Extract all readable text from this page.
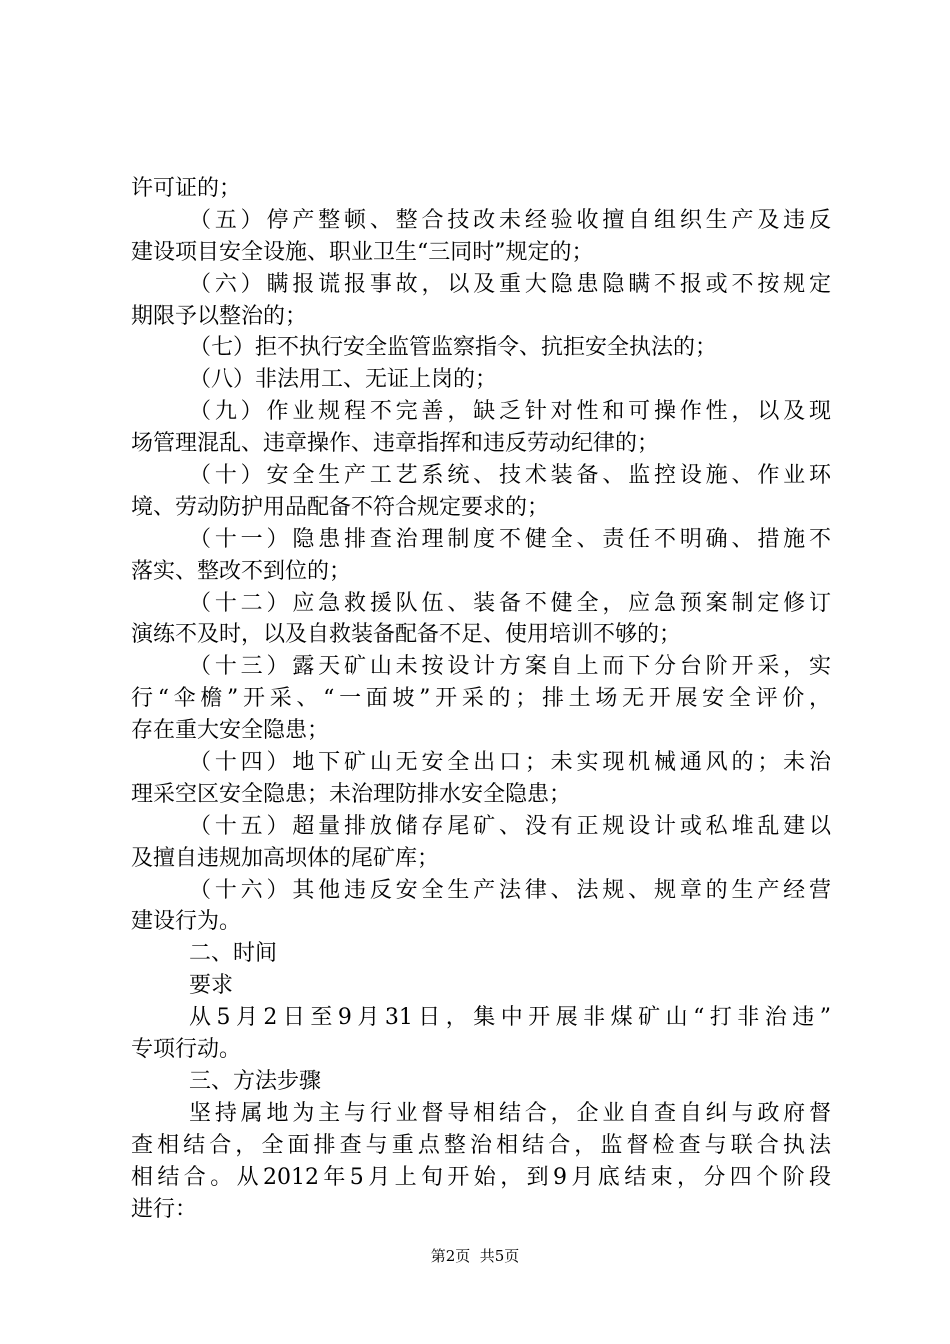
许可证的；
（五）停产整顿、整合技改未经验收擅自组织生产及违反
建设项目安全设施、职业卫生“三同时”规定的；
（六）瞒报谎报事故，以及重大隐患隐瞒不报或不按规定
期限予以整治的；
（七）拒不执行安全监管监察指令、抗拒安全执法的；
（八）非法用工、无证上岗的；
（九）作业规程不完善，缺乏针对性和可操作性，以及现
场管理混乱、违章操作、违章指挥和违反劳动纪律的；
（十）安全生产工艺系统、技术装备、监控设施、作业环
境、劳动防护用品配备不符合规定要求的；
（十一）隐患排查治理制度不健全、责任不明确、措施不
落实、整改不到位的；
（十二）应急救援队伍、装备不健全，应急预案制定修订
演练不及时，以及自救装备配备不足、使用培训不够的；
（十三）露天矿山未按设计方案自上而下分台阶开采，实
行“伞檐”开采、“一面坡”开采的；排土场无开展安全评价，
存在重大安全隐患；
（十四）地下矿山无安全出口；未实现机械通风的；未治
理采空区安全隐患；未治理防排水安全隐患；
（十五）超量排放储存尾矿、没有正规设计或私堆乱建以
及擅自违规加高坝体的尾矿库；
（十六）其他违反安全生产法律、法规、规章的生产经营
建设行为。
二、时间
要求
从5月2日至9月31日，集中开展非煤矿山“打非治违”
专项行动。
三、方法步骤
坚持属地为主与行业督导相结合，企业自查自纠与政府督
查相结合，全面排查与重点整治相结合，监督检查与联合执法
相结合。从2012年5月上旬开始，到9月底结束，分四个阶段
进行：
第2页  共5页
